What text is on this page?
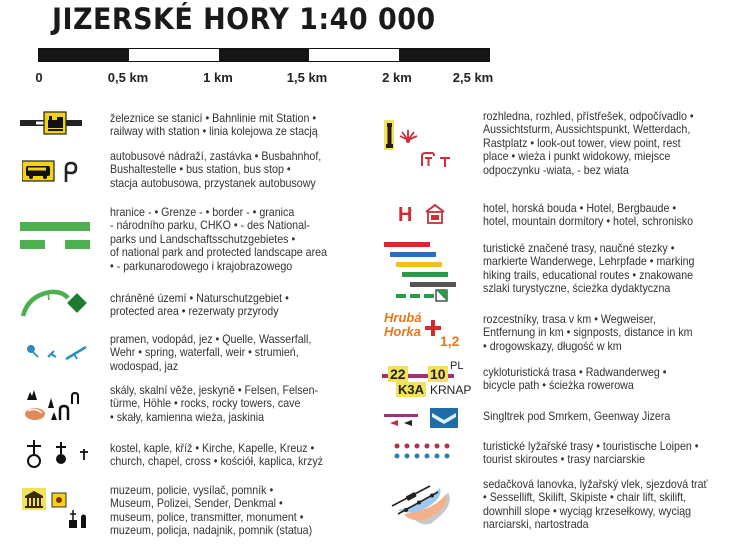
JIZERSKÉ HORY 1:40 000
0	0,5 km	1 km	1,5 km	2 km	2,5 km
železnice se stanicí • Bahnlinie mit Station •
railway with station • linia kolejowa ze stacją
autobusové nádraží, zastávka • Busbahnhof,
Bushaltestelle • bus station, bus stop •
stacja autobusowa, przystanek autobusowy
hranice - • Grenze - • border - • granica
- národního parku, CHKO • - des National-
parks und Landschaftsschutzgebietes •
of national park and protected landscape area
• - parkunarodowego i krajobrazowego
chráněné území • Naturschutzgebiet •
protected area • rezerwaty przyrody
pramen, vodopád, jez • Quelle, Wasserfall,
Wehr • spring, waterfall, weir • strumień,
wodospad, jaz
skály, skalní věže, jeskyně • Felsen, Felsen-
türme, Höhle • rocks, rocky towers, cave
• skały, kamienna wieża, jaskinia
kostel, kaple, kříž • Kirche, Kapelle, Kreuz •
church, chapel, cross • kościół, kaplica, krzyż
muzeum, policie, vysílač, pomník •
Museum, Polizei, Sender, Denkmal •
museum, police, transmitter, monument •
muzeum, policja, nadajnik, pomnik (statua)
rozhledna, rozhled, přístřešek, odpočívadlo •
Aussichtsturm, Aussichtspunkt, Wetterdach,
Rastplatz • look-out tower, view point, rest
place • wieża i punkt widokowy, miejsce
odpoczynku -wiata, - bez wiata
H	hotel, horská bouda • Hotel, Bergbaude •
hotel, mountain dormitory • hotel, schronisko
turistické značené trasy, naučné stezky •
markierte Wanderwege, Lehrpfade • marking
hiking trails, educational routes • znakowane
szlaki turystyczne, ścieżka dydaktyczna
Hrubá
Horka
1,2
rozcestníky, trasa v km • Wegweiser,
Entfernung in km • signposts, distance in km
• drogowskazy, długość w km
22 10 PL
K3A KRNAP
cykloturistická trasa • Radwanderweg •
bicycle path • ścieżka rowerowa
Singltrek pod Smrkem, Geenway Jizera
turistické lyžařské trasy • touristische Loipen •
tourist skiroutes • trasy narciarskie
sedačková lanovka, lyžařský vlek, sjezdová trať
• Sessellift, Skilift, Skipiste • chair lift, skilift,
downhill slope • wyciąg krzesełkowy, wyciąg
narciarski, nartostrada
